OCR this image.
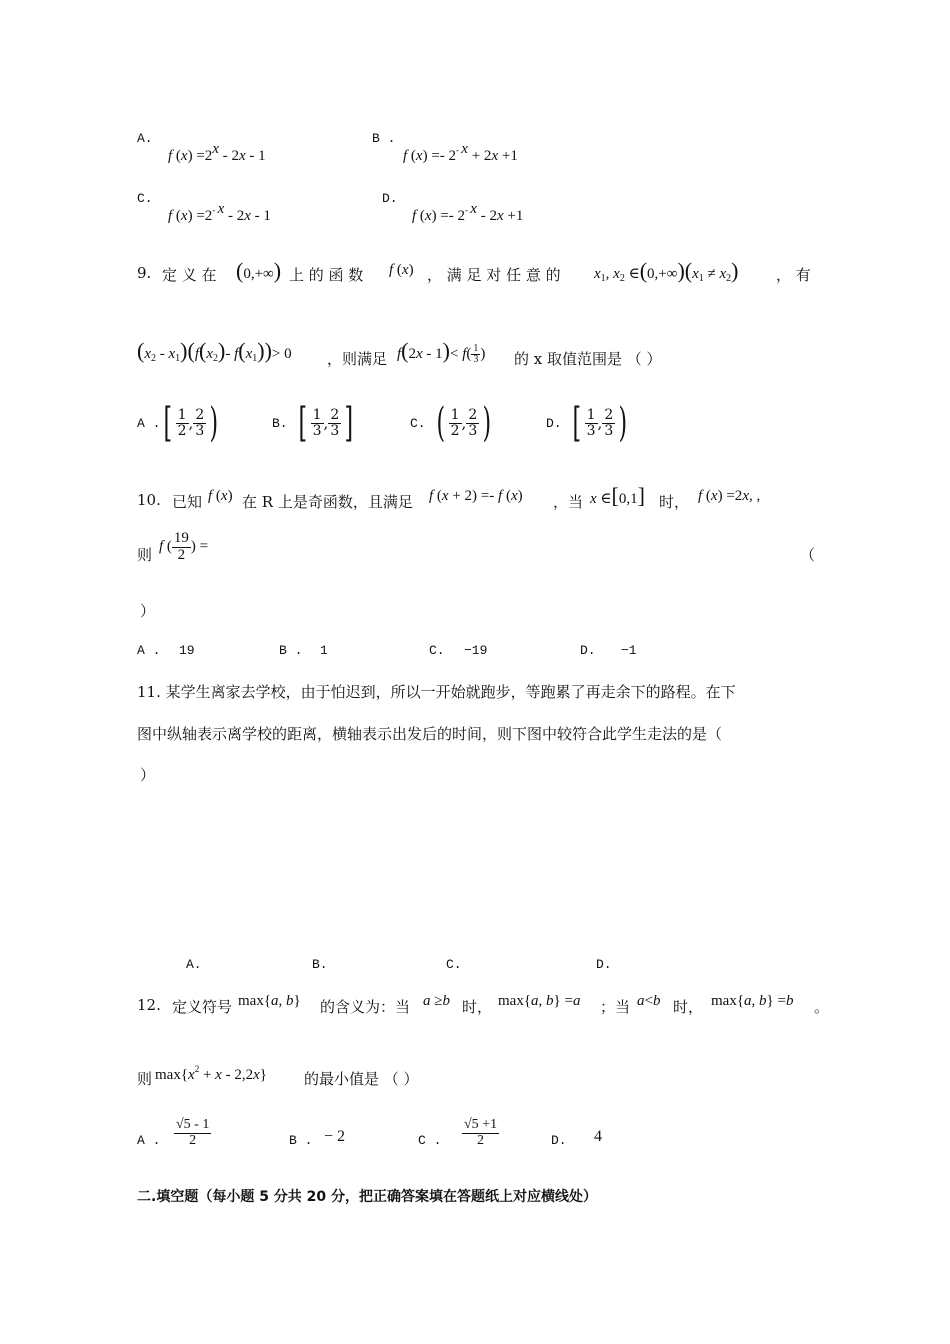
A.
f $(x) =2^x - 2x - 1$
B .
f $(x) =- 2^{- x} + 2x +1$
C.
f $(x) =2^{- x} - 2x - 1$
D.
f $(x) =- 2^{- x} - 2x +1$
9. 定 义 在 (0,+∞) 上 的 函 数 f (x) ， 满 足 对 任 意 的 $x_1$, $x_2$ $\in(0,+\infty)(x_1 \ne x_2)$	， 有
$(x_2 - x_1)(f(x_2)-$ $f(x_1))> 0$ ，则满足 $f(2x - 1)< f( \frac{1}{3}$ ) 的 x 取值范围是 （ ）
A . [ $\frac{1}{2}$ , $\frac{2}{3}$ )	B. [ $\frac{1}{3}$ , $\frac{2}{3}$ ]	C. ( $\frac{1}{2}$ , $\frac{2}{3}$ )	D. [ $\frac{1}{3}$ , $\frac{2}{3}$ )
10. 已知 f (x) 在 R 上是奇函数，且满足 f (x + 2) =- f (x) ，当 x ∈[0,1] 时， f (x) =2x, ,
则 f ( $\frac{19}{2}$ ) =	（
）
A . 19	B . 1	C. −19	D. −1
11. 某学生离家去学校，由于怕迟到，所以一开始就跑步，等跑累了再走余下的路程。在下
图中纵轴表示离学校的距离，横轴表示出发后的时间，则下图中较符合此学生走法的是（
）
A.	B.	C.	D.
12. 定义符号 max{a, b} 的含义为：当 a ≥b 时， max{a, b} =a ；当 a<b 时， max{a, b} =b 。
则 $\max\{x^2 + x - 2,2x\}$ 的最小值是 （ ）
A . $\frac{√5 - 1}{2}$	B . − 2	C . $\frac{√5 +1}{2}$	D. 4
二.填空题（每小题 5 分共 20 分，把正确答案填在答题纸上对应横线处）
